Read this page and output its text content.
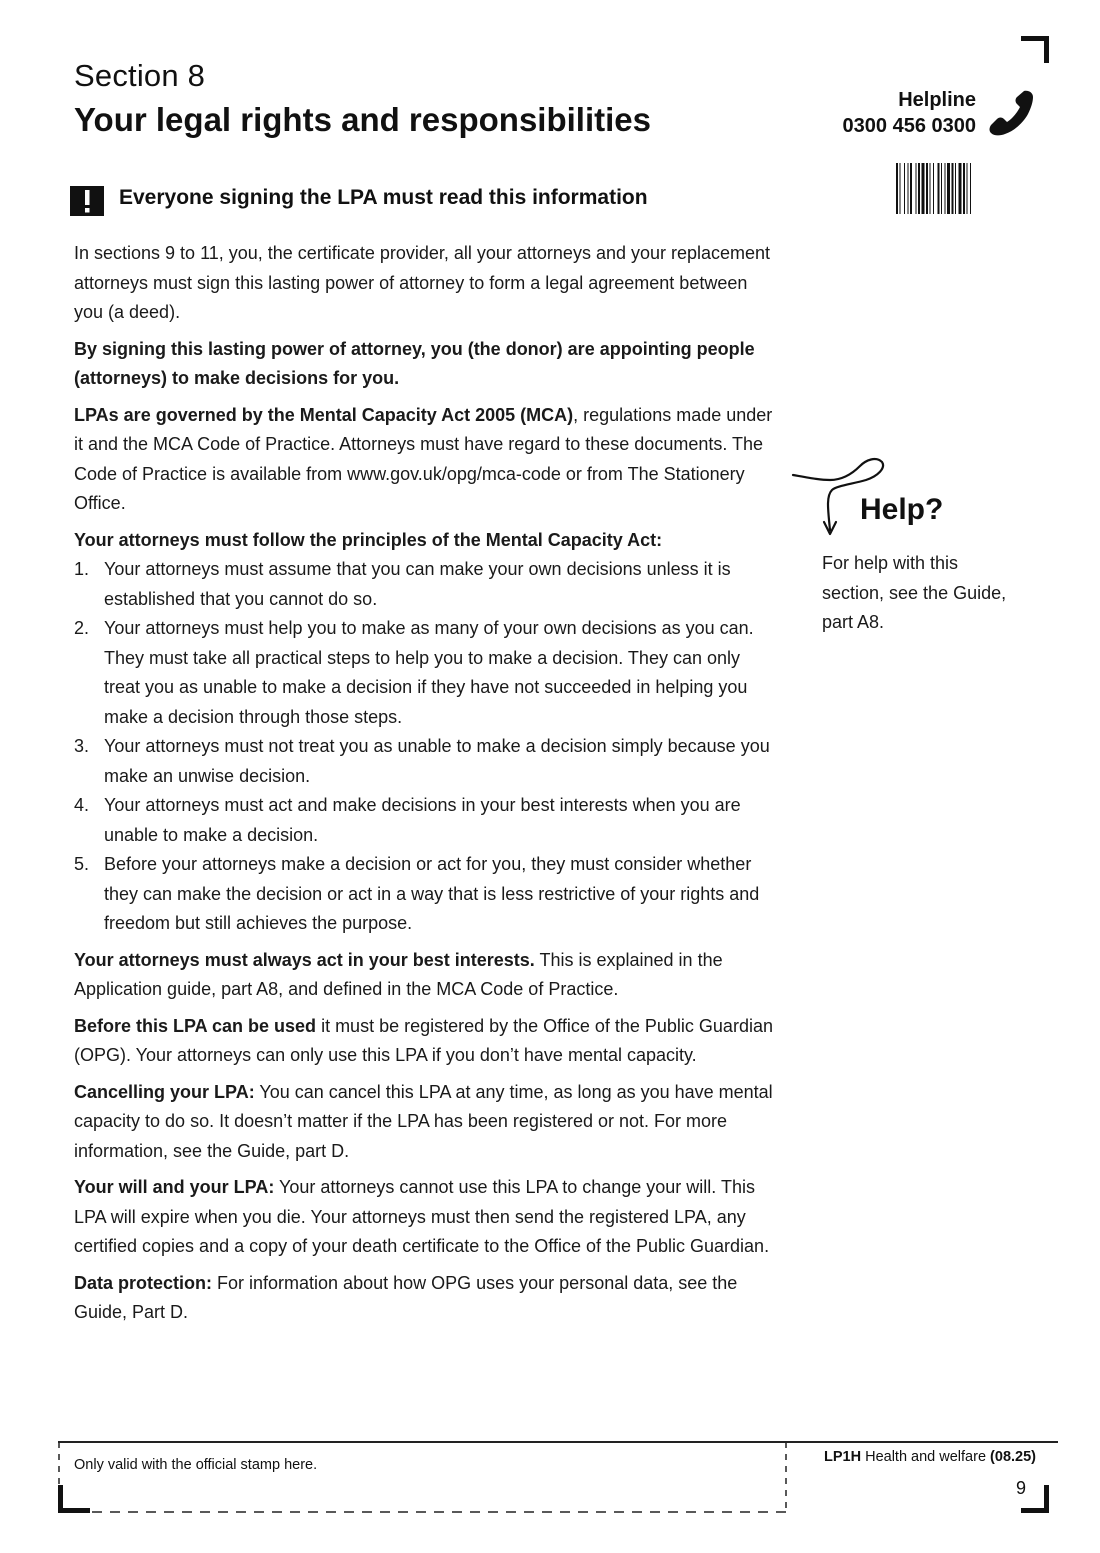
Section 8
Your legal rights and responsibilities
Helpline
0300 456 0300
Everyone signing the LPA must read this information

In sections 9 to 11, you, the certificate provider, all your attorneys and your replacement attorneys must sign this lasting power of attorney to form a legal agreement between you (a deed).

By signing this lasting power of attorney, you (the donor) are appointing people (attorneys) to make decisions for you.

LPAs are governed by the Mental Capacity Act 2005 (MCA), regulations made under it and the MCA Code of Practice. Attorneys must have regard to these documents. The Code of Practice is available from www.gov.uk/opg/mca-code or from The Stationery Office.

Your attorneys must follow the principles of the Mental Capacity Act:
1. Your attorneys must assume that you can make your own decisions unless it is established that you cannot do so.
2. Your attorneys must help you to make as many of your own decisions as you can. They must take all practical steps to help you to make a decision. They can only treat you as unable to make a decision if they have not succeeded in helping you make a decision through those steps.
3. Your attorneys must not treat you as unable to make a decision simply because you make an unwise decision.
4. Your attorneys must act and make decisions in your best interests when you are unable to make a decision.
5. Before your attorneys make a decision or act for you, they must consider whether they can make the decision or act in a way that is less restrictive of your rights and freedom but still achieves the purpose.

Your attorneys must always act in your best interests. This is explained in the Application guide, part A8, and defined in the MCA Code of Practice.

Before this LPA can be used it must be registered by the Office of the Public Guardian (OPG). Your attorneys can only use this LPA if you don’t have mental capacity.

Cancelling your LPA: You can cancel this LPA at any time, as long as you have mental capacity to do so. It doesn’t matter if the LPA has been registered or not. For more information, see the Guide, part D.

Your will and your LPA: Your attorneys cannot use this LPA to change your will. This LPA will expire when you die. Your attorneys must then send the registered LPA, any certified copies and a copy of your death certificate to the Office of the Public Guardian.

Data protection: For information about how OPG uses your personal data, see the Guide, Part D.

Help?
For help with this section, see the Guide, part A8.
Only valid with the official stamp here.	LP1H Health and welfare (08.25)
9
